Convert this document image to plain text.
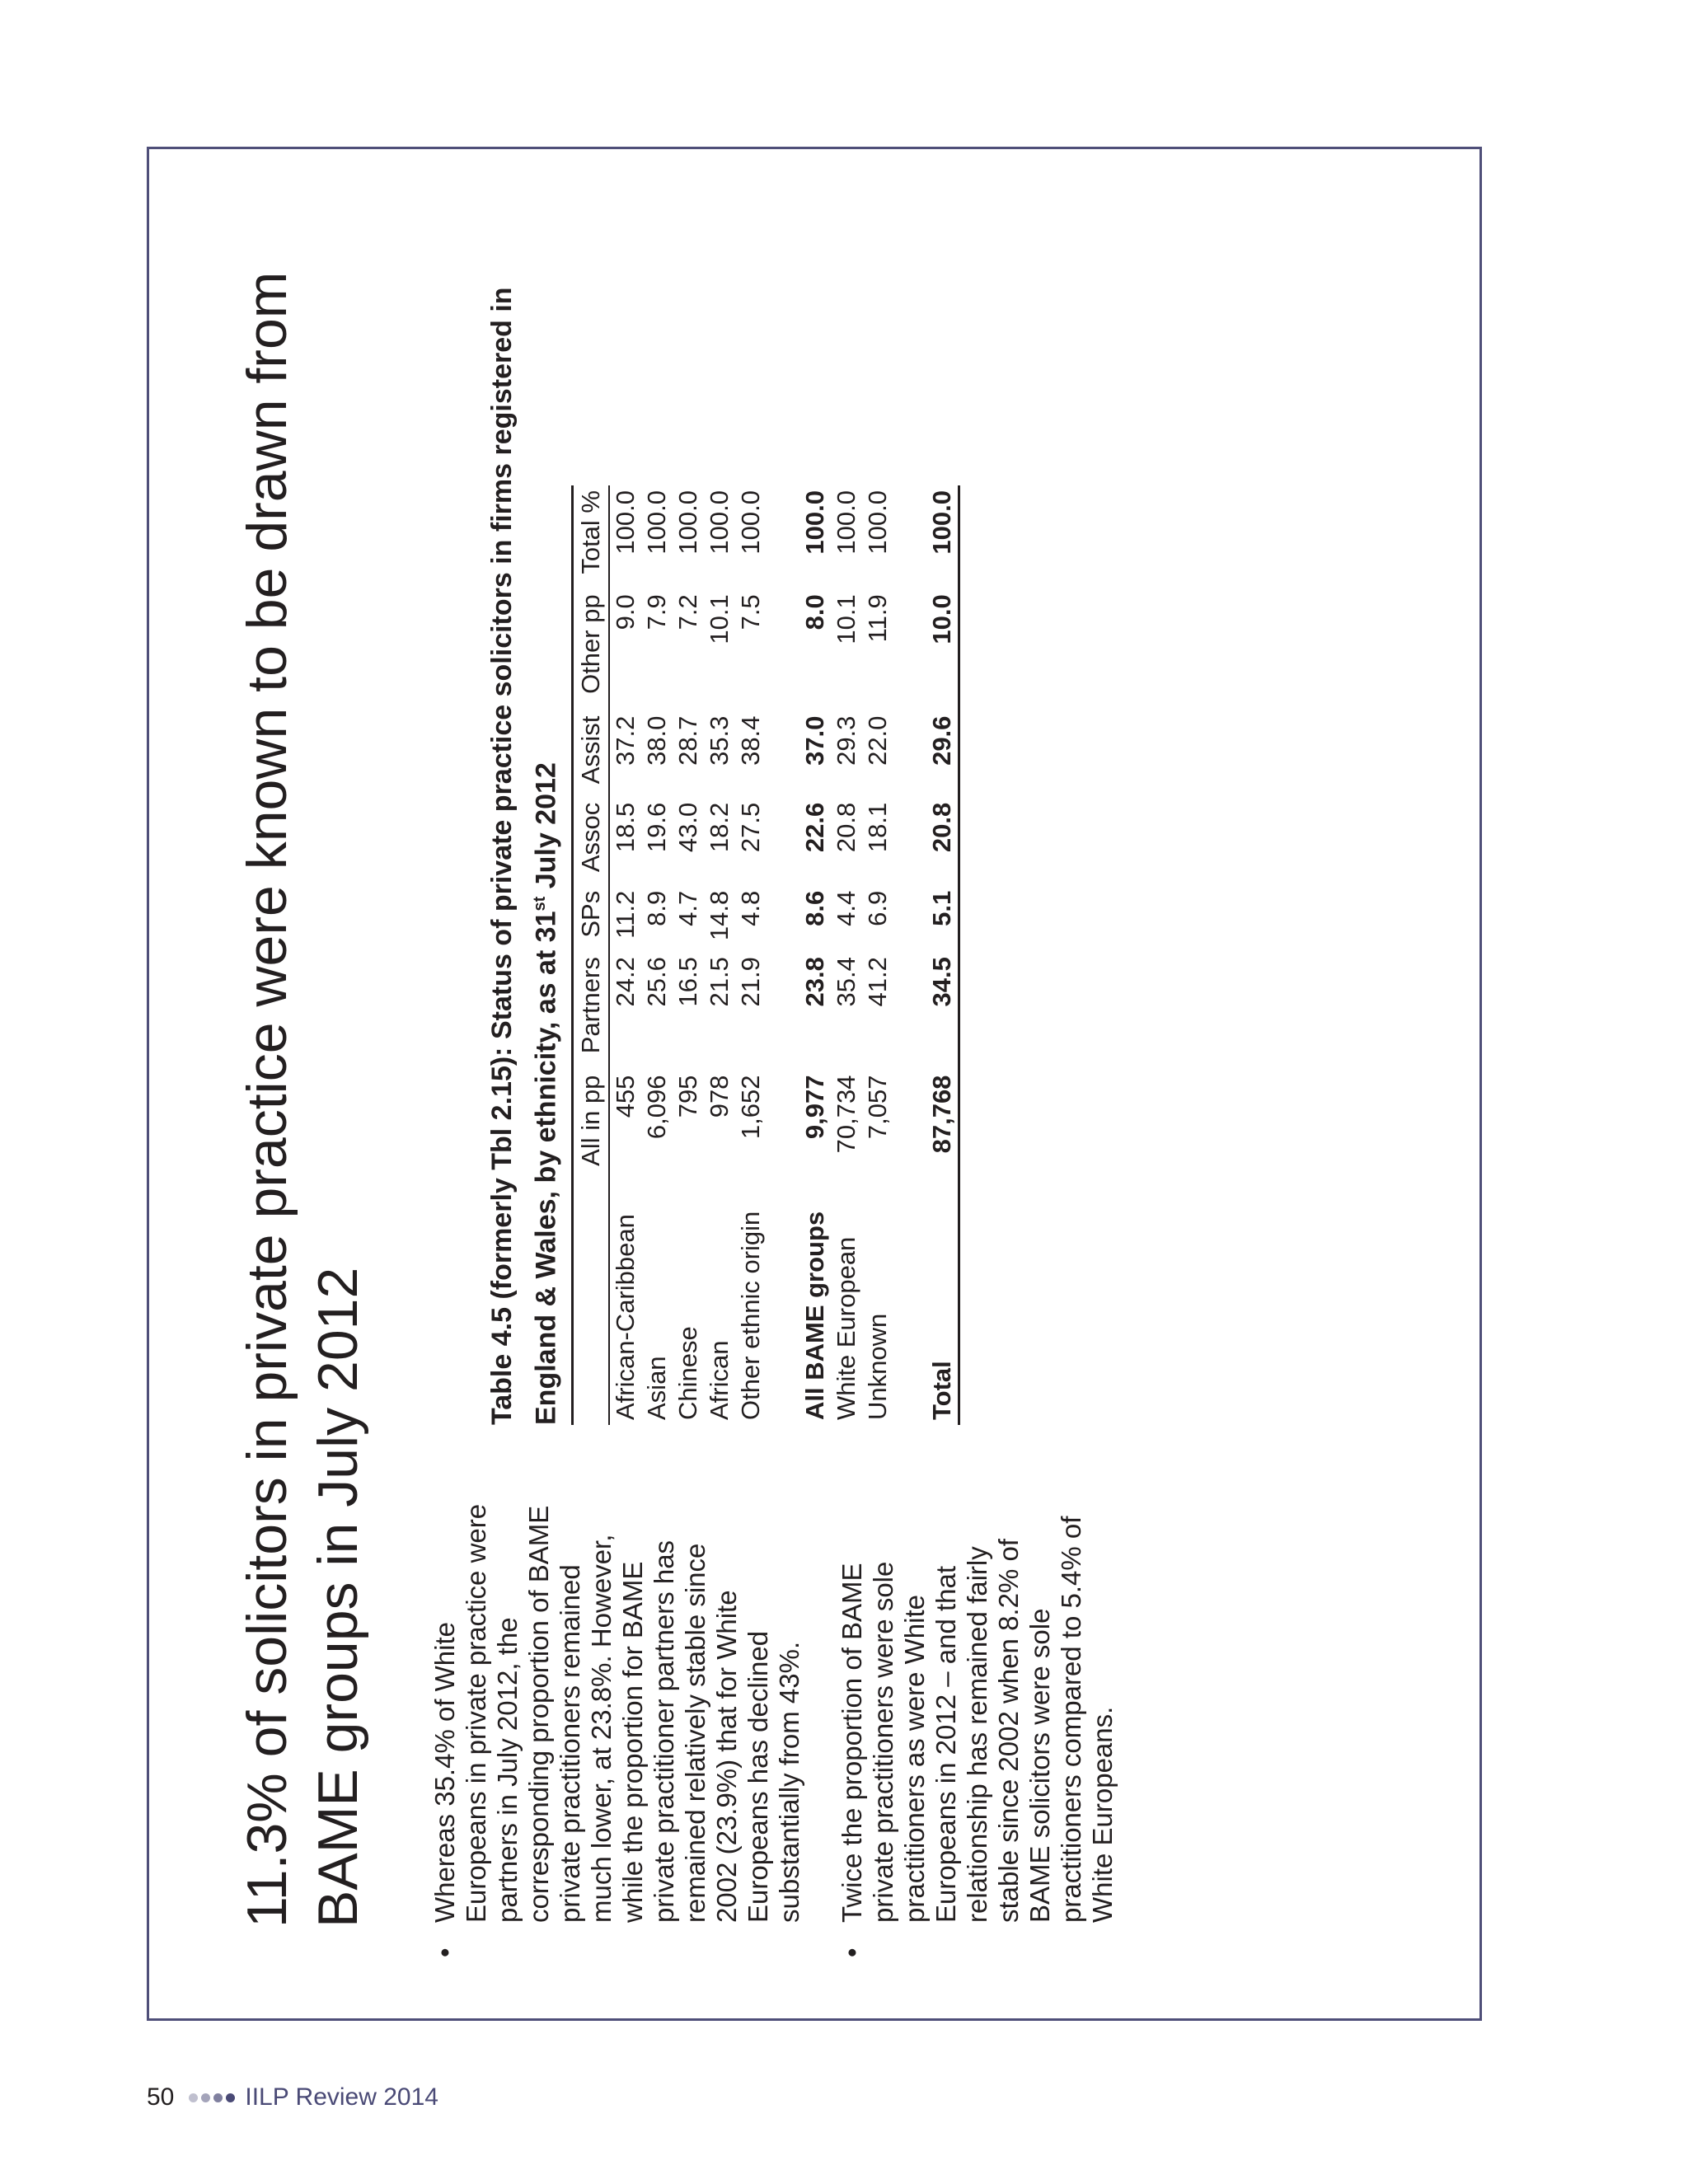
11.3% of solicitors in private practice were known to be drawn from BAME groups in July 2012
•
Whereas 35.4% of White Europeans in private practice were partners in July 2012, the corresponding proportion of BAME private practitioners remained much lower, at 23.8%. However, while the proportion for BAME private practitioner partners has remained relatively stable since 2002 (23.9%) that for White Europeans has declined substantially from 43%.
•
Twice the proportion of BAME private practitioners were sole practitioners as were White Europeans in 2012 – and that relationship has remained fairly stable since 2002 when 8.2% of BAME solicitors were sole practitioners compared to 5.4% of White Europeans.

Table 4.5 (formerly Tbl 2.15): Status of private practice solicitors in firms registered in England & Wales, by ethnicity, as at 31st July 2012

	All in pp	Partners	SPs	Assoc	Assist	Other pp	Total %
African-Caribbean	455	24.2	11.2	18.5	37.2	9.0	100.0
Asian	6,096	25.6	8.9	19.6	38.0	7.9	100.0
Chinese	795	16.5	4.7	43.0	28.7	7.2	100.0
African	978	21.5	14.8	18.2	35.3	10.1	100.0
Other ethnic origin	1,652	21.9	4.8	27.5	38.4	7.5	100.0

All BAME groups	9,977	23.8	8.6	22.6	37.0	8.0	100.0
White European	70,734	35.4	4.4	20.8	29.3	10.1	100.0
Unknown	7,057	41.2	6.9	18.1	22.0	11.9	100.0

Total	87,768	34.5	5.1	20.8	29.6	10.0	100.0
50	IILP Review 2014
